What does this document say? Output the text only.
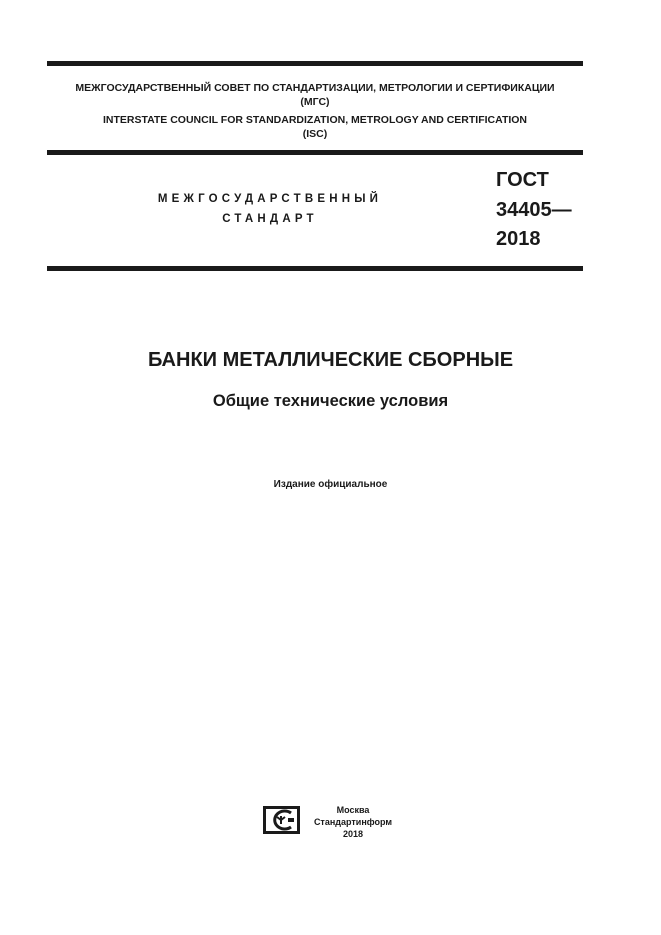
МЕЖГОСУДАРСТВЕННЫЙ СОВЕТ ПО СТАНДАРТИЗАЦИИ, МЕТРОЛОГИИ И СЕРТИФИКАЦИИ
(МГС)
INTERSTATE COUNCIL FOR STANDARDIZATION, METROLOGY AND CERTIFICATION
(ISC)
МЕЖГОСУДАРСТВЕННЫЙ
СТАНДАРТ
ГОСТ
34405—
2018
БАНКИ МЕТАЛЛИЧЕСКИЕ СБОРНЫЕ
Общие технические условия
Издание официальное
Москва
Стандартинформ
2018
